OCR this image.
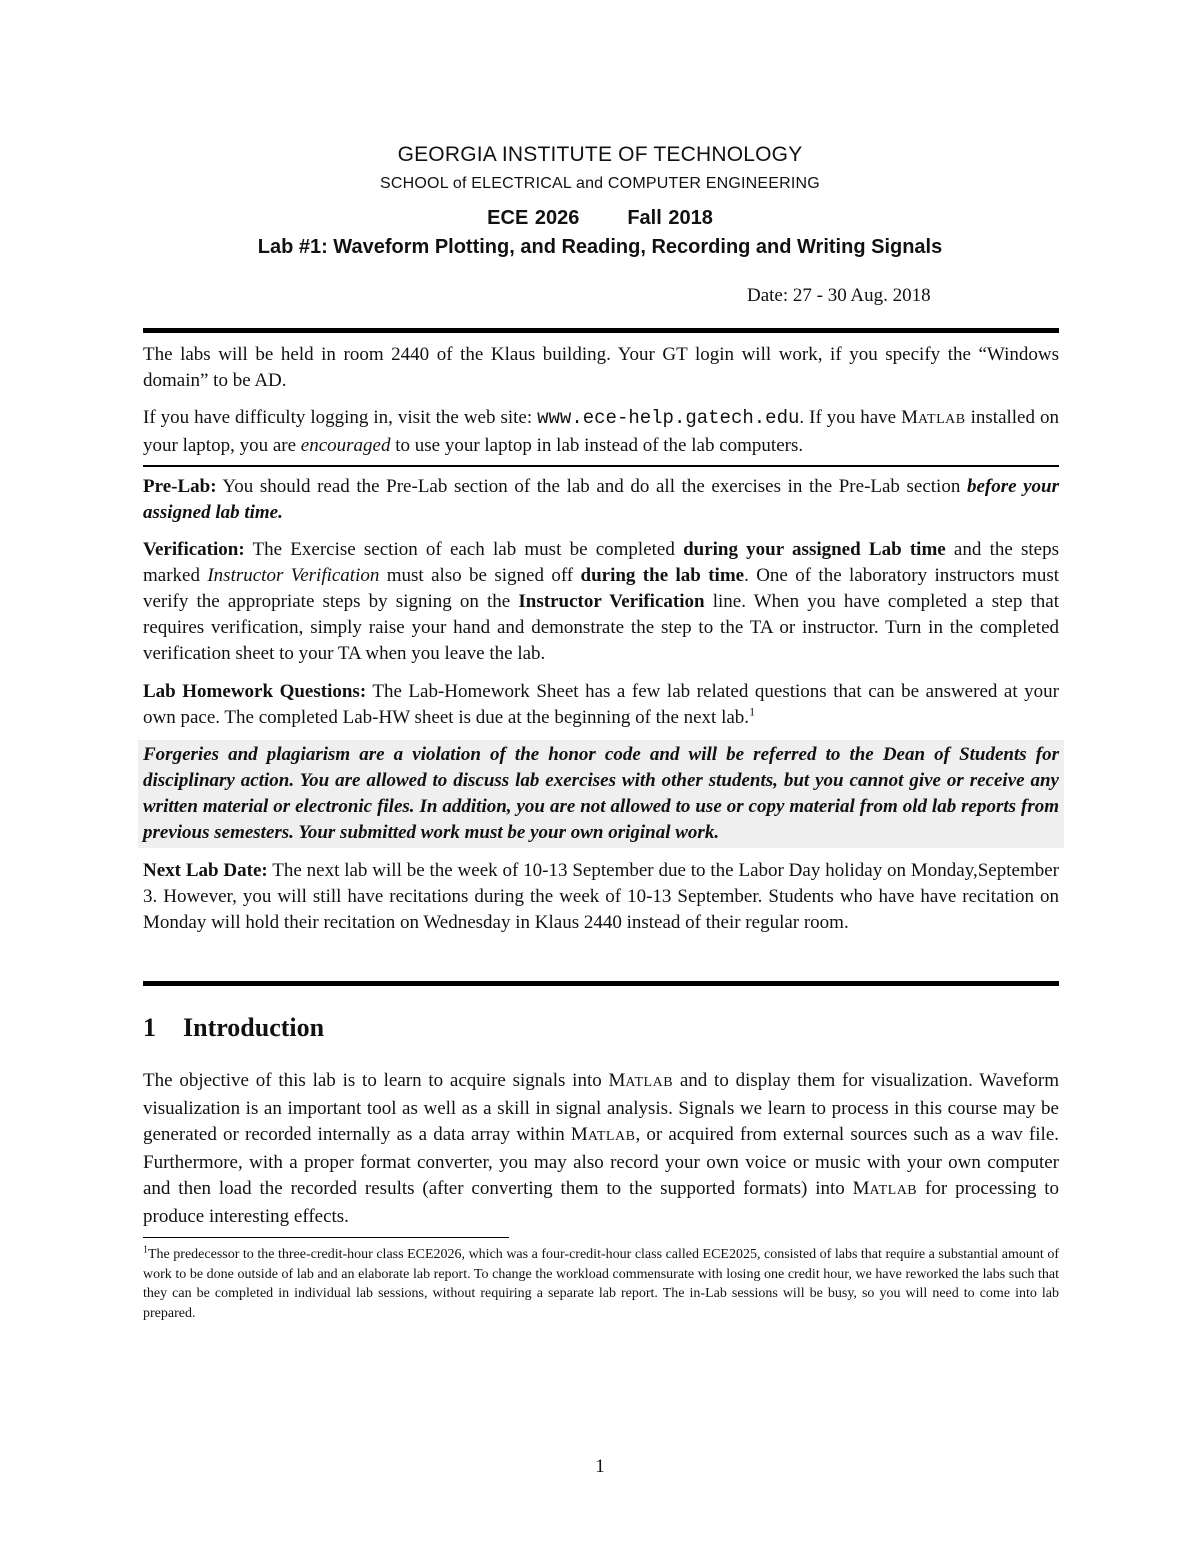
GEORGIA INSTITUTE OF TECHNOLOGY
SCHOOL of ELECTRICAL and COMPUTER ENGINEERING
ECE 2026 Fall 2018
Lab #1: Waveform Plotting, and Reading, Recording and Writing Signals
Date: 27 - 30 Aug. 2018
The labs will be held in room 2440 of the Klaus building. Your GT login will work, if you specify the “Windows domain” to be AD.
If you have difficulty logging in, visit the web site: www.ece-help.gatech.edu. If you have MATLAB installed on your laptop, you are encouraged to use your laptop in lab instead of the lab computers.
Pre-Lab: You should read the Pre-Lab section of the lab and do all the exercises in the Pre-Lab section before your assigned lab time.
Verification: The Exercise section of each lab must be completed during your assigned Lab time and the steps marked Instructor Verification must also be signed off during the lab time. One of the laboratory instructors must verify the appropriate steps by signing on the Instructor Verification line. When you have completed a step that requires verification, simply raise your hand and demonstrate the step to the TA or instructor. Turn in the completed verification sheet to your TA when you leave the lab.
Lab Homework Questions: The Lab-Homework Sheet has a few lab related questions that can be answered at your own pace. The completed Lab-HW sheet is due at the beginning of the next lab.$^1$
Forgeries and plagiarism are a violation of the honor code and will be referred to the Dean of Students for disciplinary action. You are allowed to discuss lab exercises with other students, but you cannot give or receive any written material or electronic files. In addition, you are not allowed to use or copy material from old lab reports from previous semesters. Your submitted work must be your own original work.
Next Lab Date: The next lab will be the week of 10-13 September due to the Labor Day holiday on Monday,September 3. However, you will still have recitations during the week of 10-13 September. Students who have have recitation on Monday will hold their recitation on Wednesday in Klaus 2440 instead of their regular room.
1 Introduction
The objective of this lab is to learn to acquire signals into MATLAB and to display them for visualization. Waveform visualization is an important tool as well as a skill in signal analysis. Signals we learn to process in this course may be generated or recorded internally as a data array within MATLAB, or acquired from external sources such as a wav file. Furthermore, with a proper format converter, you may also record your own voice or music with your own computer and then load the recorded results (after converting them to the supported formats) into MATLAB for processing to produce interesting effects.
$^1$The predecessor to the three-credit-hour class ECE2026, which was a four-credit-hour class called ECE2025, consisted of labs that require a substantial amount of work to be done outside of lab and an elaborate lab report. To change the workload commensurate with losing one credit hour, we have reworked the labs such that they can be completed in individual lab sessions, without requiring a separate lab report. The in-Lab sessions will be busy, so you will need to come into lab prepared.
1
